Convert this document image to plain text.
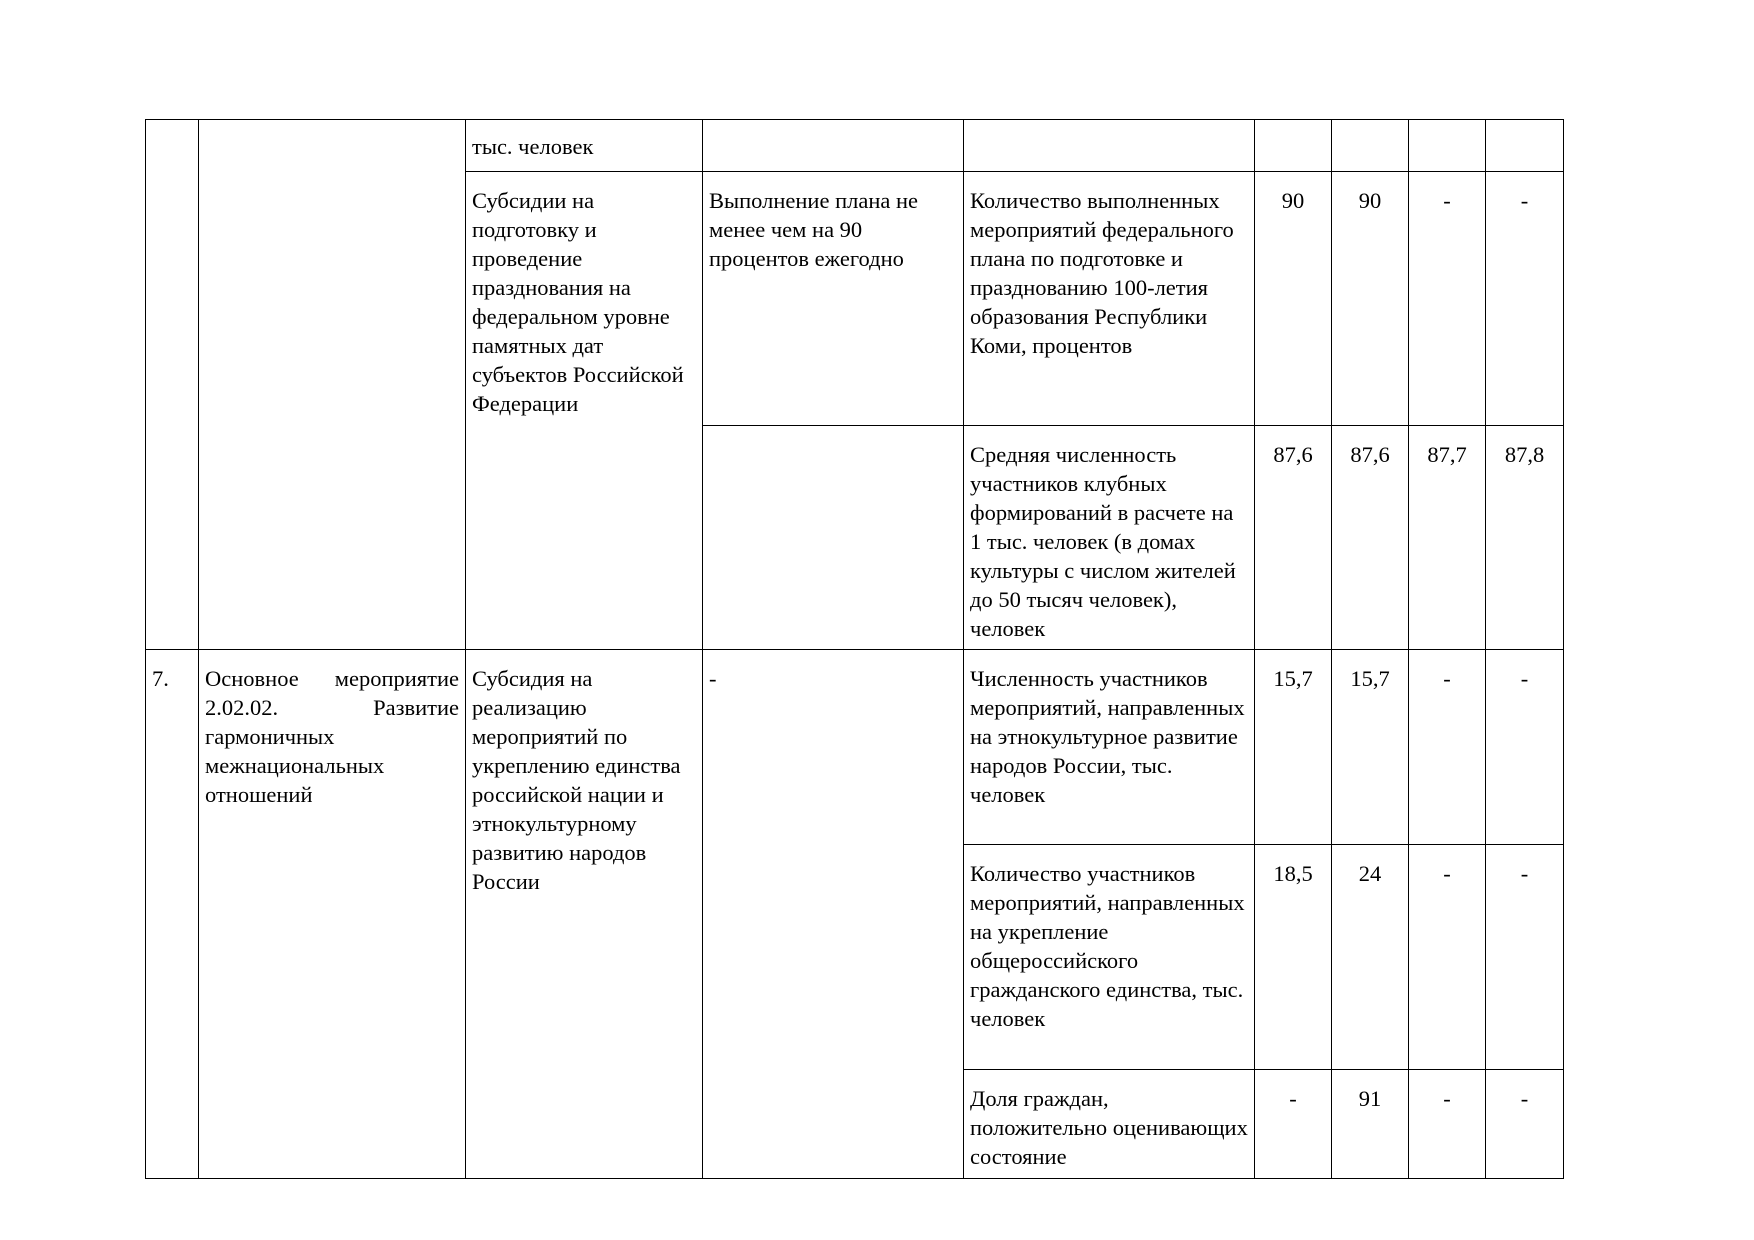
		тыс. человек						
		Субсидии на подготовку и проведение празднования на федеральном уровне памятных дат субъектов Российской Федерации	Выполнение плана не менее чем на 90 процентов ежегодно	Количество выполненных мероприятий федерального плана по подготовке и празднованию 100-летия образования Республики Коми, процентов	90	90	-	-
				Средняя численность участников клубных формирований в расчете на 1 тыс. человек (в домах культуры с числом жителей до 50 тысяч человек), человек	87,6	87,6	87,7	87,8
7.	Основное мероприятие 2.02.02. Развитие гармоничных межнациональных отношений	Субсидия на реализацию мероприятий по укреплению единства российской нации и этнокультурному развитию народов России	-	Численность участников мероприятий, направленных на этнокультурное развитие народов России, тыс. человек	15,7	15,7	-	-
				Количество участников мероприятий, направленных на укрепление общероссийского гражданского единства, тыс. человек	18,5	24	-	-
				Доля граждан, положительно оценивающих состояние	-	91	-	-
